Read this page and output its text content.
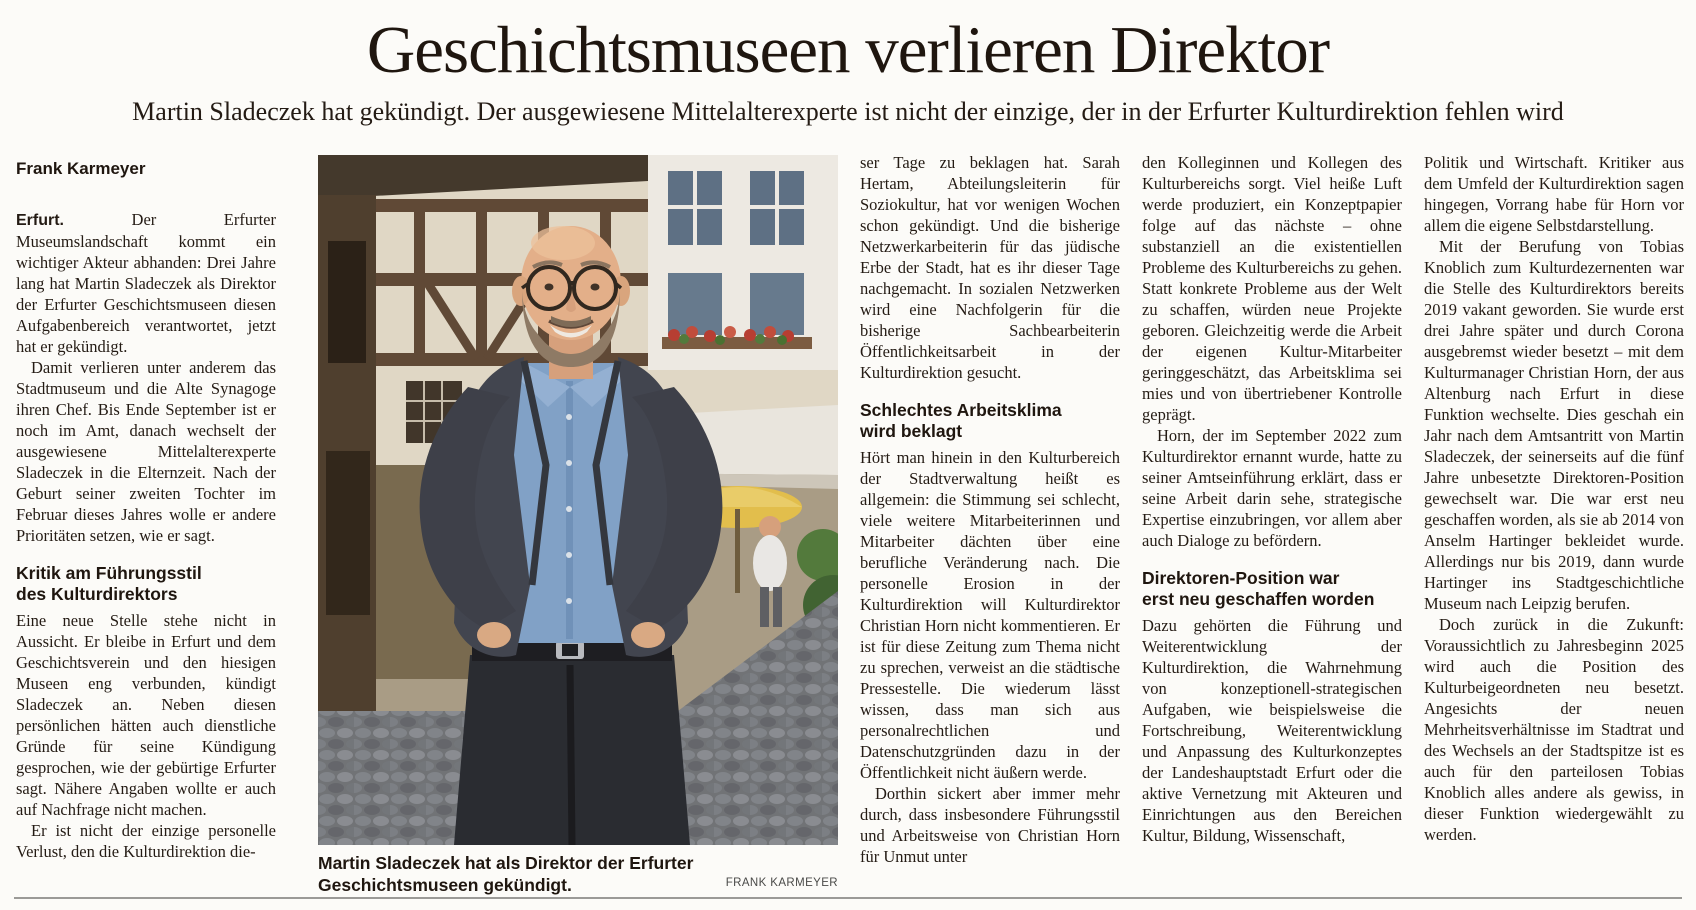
Geschichtsmuseen verlieren Direktor

Martin Sladeczek hat gekündigt. Der ausgewiesene Mittelalterexperte ist nicht der einzige, der in der Erfurter Kulturdirektion fehlen wird

Frank Karmeyer

Erfurt.	Der Erfurter Museumslandschaft kommt ein wichtiger Akteur abhanden: Drei Jahre lang hat Martin Sladeczek als Direktor der Erfurter Geschichtsmuseen diesen Aufgabenbereich verantwortet, jetzt hat er gekündigt.

Damit verlieren unter anderem das Stadtmuseum und die Alte Synagoge ihren Chef. Bis Ende September ist er noch im Amt, danach wechselt der ausgewiesene Mittelalterexperte Sladeczek in die Elternzeit. Nach der Geburt seiner zweiten Tochter im Februar dieses Jahres wolle er andere Prioritäten setzen, wie er sagt.

Kritik am Führungsstil
des Kulturdirektors

Eine neue Stelle stehe nicht in Aussicht. Er bleibe in Erfurt und dem Geschichtsverein und den hiesigen Museen eng verbunden, kündigt Sladeczek an. Neben diesen persönlichen hätten auch dienstliche Gründe für seine Kündigung gesprochen, wie der gebürtige Erfurter sagt. Nähere Angaben wollte er auch auf Nachfrage nicht machen.

Er ist nicht der einzige personelle Verlust, den die Kulturdirektion die-

Martin Sladeczek hat als Direktor der Erfurter Geschichtsmuseen gekündigt.	FRANK KARMEYER

ser Tage zu beklagen hat. Sarah Hertam, Abteilungsleiterin für Soziokultur, hat vor wenigen Wochen schon gekündigt. Und die bisherige Netzwerkarbeiterin für das jüdische Erbe der Stadt, hat es ihr dieser Tage nachgemacht. In sozialen Netzwerken wird eine Nachfolgerin für die bisherige Sachbearbeiterin Öffentlichkeitsarbeit in der Kulturdirektion gesucht.

Schlechtes Arbeitsklima
wird beklagt

Hört man hinein in den Kulturbereich der Stadtverwaltung heißt es allgemein: die Stimmung sei schlecht, viele weitere Mitarbeiterinnen und Mitarbeiter dächten über eine berufliche Veränderung nach. Die personelle Erosion in der Kulturdirektion will Kulturdirektor Christian Horn nicht kommentieren. Er ist für diese Zeitung zum Thema nicht zu sprechen, verweist an die städtische Pressestelle. Die wiederum lässt wissen, dass man sich aus personalrechtlichen und Datenschutzgründen dazu in der Öffentlichkeit nicht äußern werde.

Dorthin sickert aber immer mehr durch, dass insbesondere Führungsstil und Arbeitsweise von Christian Horn für Unmut unter

den Kolleginnen und Kollegen des Kulturbereichs sorgt. Viel heiße Luft werde produziert, ein Konzeptpapier folge auf das nächste – ohne substanziell an die existentiellen Probleme des Kulturbereichs zu gehen. Statt konkrete Probleme aus der Welt zu schaffen, würden neue Projekte geboren. Gleichzeitig werde die Arbeit der eigenen Kultur-Mitarbeiter geringgeschätzt, das Arbeitsklima sei mies und von übertriebener Kontrolle geprägt.

Horn, der im September 2022 zum Kulturdirektor ernannt wurde, hatte zu seiner Amtseinführung erklärt, dass er seine Arbeit darin sehe, strategische Expertise einzubringen, vor allem aber auch Dialoge zu befördern.

Direktoren-Position war
erst neu geschaffen worden

Dazu gehörten die Führung und Weiterentwicklung der Kulturdirektion, die Wahrnehmung von konzeptionell-strategischen Aufgaben, wie beispielsweise die Fortschreibung, Weiterentwicklung und Anpassung des Kulturkonzeptes der Landeshauptstadt Erfurt oder die aktive Vernetzung mit Akteuren und Einrichtungen aus den Bereichen Kultur, Bildung, Wissenschaft,

Politik und Wirtschaft. Kritiker aus dem Umfeld der Kulturdirektion sagen hingegen, Vorrang habe für Horn vor allem die eigene Selbstdarstellung.

Mit der Berufung von Tobias Knoblich zum Kulturdezernenten war die Stelle des Kulturdirektors bereits 2019 vakant geworden. Sie wurde erst drei Jahre später und durch Corona ausgebremst wieder besetzt – mit dem Kulturmanager Christian Horn, der aus Altenburg nach Erfurt in diese Funktion wechselte. Dies geschah ein Jahr nach dem Amtsantritt von Martin Sladeczek, der seinerseits auf die fünf Jahre unbesetzte Direktoren-Position gewechselt war. Die war erst neu geschaffen worden, als sie ab 2014 von Anselm Hartinger bekleidet wurde. Allerdings nur bis 2019, dann wurde Hartinger ins Stadtgeschichtliche Museum nach Leipzig berufen.

Doch zurück in die Zukunft: Voraussichtlich zu Jahresbeginn 2025 wird auch die Position des Kulturbeigeordneten neu besetzt. Angesichts der neuen Mehrheitsverhältnisse im Stadtrat und des Wechsels an der Stadtspitze ist es auch für den parteilosen Tobias Knoblich alles andere als gewiss, in dieser Funktion wiedergewählt zu werden.
